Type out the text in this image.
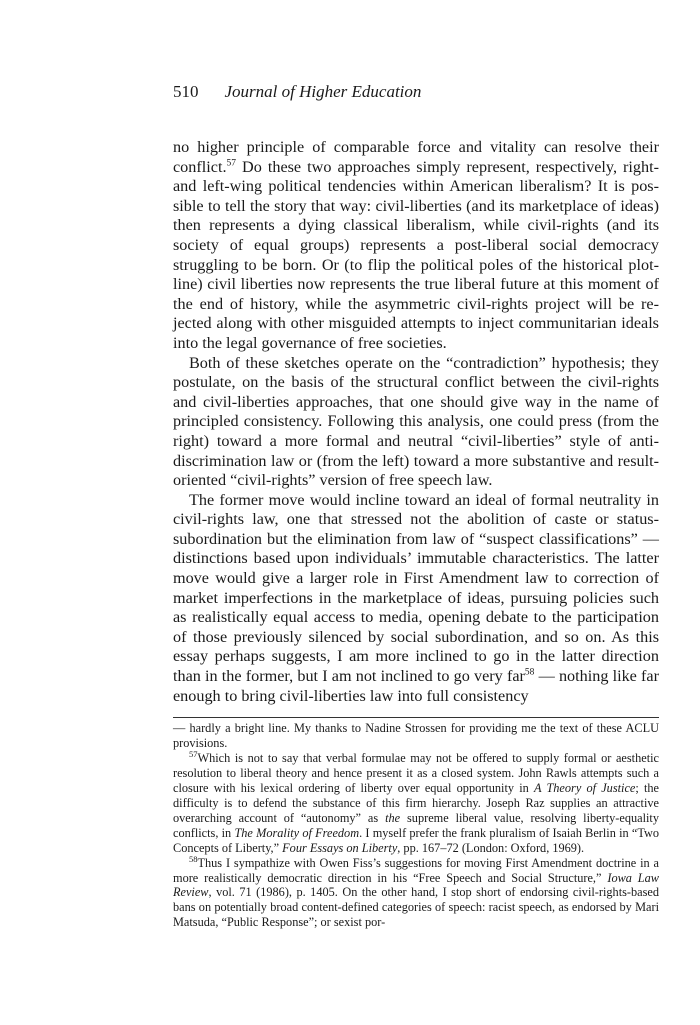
510 Journal of Higher Education

no higher principle of comparable force and vitality can resolve their conflict.$^{57}$ Do these two approaches simply represent, respectively, right- and left-wing political tendencies within American liberalism? It is possible to tell the story that way: civil-liberties (and its marketplace of ideas) then represents a dying classical liberalism, while civil-rights (and its society of equal groups) represents a post-liberal social democracy struggling to be born. Or (to flip the political poles of the historical plotline) civil liberties now represents the true liberal future at this moment of the end of history, while the asymmetric civil-rights project will be rejected along with other misguided attempts to inject communitarian ideals into the legal governance of free societies.

Both of these sketches operate on the “contradiction” hypothesis; they postulate, on the basis of the structural conflict between the civil-rights and civil-liberties approaches, that one should give way in the name of principled consistency. Following this analysis, one could press (from the right) toward a more formal and neutral “civil-liberties” style of antidiscrimination law or (from the left) toward a more substantive and result-oriented “civil-rights” version of free speech law.

The former move would incline toward an ideal of formal neutrality in civil-rights law, one that stressed not the abolition of caste or status-subordination but the elimination from law of “suspect classifications” — distinctions based upon individuals’ immutable characteristics. The latter move would give a larger role in First Amendment law to correction of market imperfections in the marketplace of ideas, pursuing policies such as realistically equal access to media, opening debate to the participation of those previously silenced by social subordination, and so on. As this essay perhaps suggests, I am more inclined to go in the latter direction than in the former, but I am not inclined to go very far$^{58}$ — nothing like far enough to bring civil-liberties law into full consistency

— hardly a bright line. My thanks to Nadine Strossen for providing me the text of these ACLU provisions.

$^{57}$Which is not to say that verbal formulae may not be offered to supply formal or aesthetic resolution to liberal theory and hence present it as a closed system. John Rawls attempts such a closure with his lexical ordering of liberty over equal opportunity in A Theory of Justice; the difficulty is to defend the substance of this firm hierarchy. Joseph Raz supplies an attractive overarching account of “autonomy” as the supreme liberal value, resolving liberty-equality conflicts, in The Morality of Freedom. I myself prefer the frank pluralism of Isaiah Berlin in “Two Concepts of Liberty,” Four Essays on Liberty, pp. 167–72 (London: Oxford, 1969).

$^{58}$Thus I sympathize with Owen Fiss’s suggestions for moving First Amendment doctrine in a more realistically democratic direction in his “Free Speech and Social Structure,” Iowa Law Review, vol. 71 (1986), p. 1405. On the other hand, I stop short of endorsing civil-rights-based bans on potentially broad content-defined categories of speech: racist speech, as endorsed by Mari Matsuda, “Public Response”; or sexist por-
